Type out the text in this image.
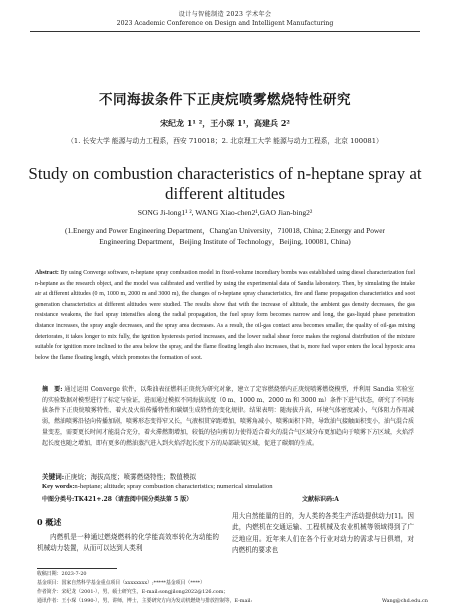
设计与智能制造 2023 学术年会
2023 Academic Conference on Design and Intelligent Manufacturing
不同海拔条件下正庚烷喷雾燃烧特性研究
宋纪龙 1¹ ²，王小琛 1¹，高建兵 2²
（1. 长安大学 能源与动力工程系，西安 710018；2. 北京理工大学 能源与动力工程系，北京 100081）
Study on combustion characteristics of n-heptane spray at
different altitudes
SONG Ji-long1¹ ², WANG Xiao-chen2¹,GAO Jian-bing2²
(1.Energy and Power Engineering Department，Chang'an University，710018, China; 2.Energy and Power Engineering Department，Beijing Institute of Technology，Beijing, 100081, China)
Abstract: By using Converge software, n-heptane spray combustion model in fixed-volume incendiary bombs was established using diesel characterization fuel n-heptane as the research object, and the model was calibrated and verified by using the experimental data of Sandia laboratory. Then, by simulating the intake air at different altitudes (0 m, 1000 m, 2000 m and 3000 m), the changes of n-heptane spray characteristics, fire and flame propagation characteristics and soot generation characteristics at different altitudes were studied. The results show that with the increase of altitude, the ambient gas density decreases, the gas resistance weakens, the fuel spray intensifies along the radial propagation, the fuel spray form becomes narrow and long, the gas-liquid phase penetration distance increases, the spray angle decreases, and the spray area decreases. As a result, the oil-gas contact area becomes smaller, the quality of oil-gas mixing deteriorates, it takes longer to mix fully, the ignition hysteresis period increases, and the lower radial shear force makes the regional distribution of the mixture suitable for ignition more inclined to the area below the spray, and the flame floating length also increases, that is, more fuel vapor enters the local hypoxic area below the flame floating length, which promotes the formation of soot.
摘　要: 通过运用 Converge 软件，以柴油表征燃料正庚烷为研究对象，建立了定容燃烧弹内正庚烷喷雾燃烧模型，并利用 Sandia 实验室的实验数据对模型进行了标定与验证，进而通过模拟不同海拔高度（0 m、1000 m、2000 m 和 3000 m）条件下进气状态，研究了不同海拔条件下正庚烷喷雾特性、着火及火焰传播特性和碳烟生成特性的变化规律。结果表明：随海拔升高，环境气体密度减小，气体阻力作用减弱，燃油喷雾沿径向传播加剧，喷雾形态变得窄又长，气液相贯穿距增加，喷雾角减小，喷雾面积下降，导致油气接触面积变小，油气混合质量变差，需要更长时间才能混合充分，着火滞燃期增加，较低的径向剪切力使得适合着火的混合气区域分布更加趋向于喷雾下方区域，火焰浮起长度也随之增加，即有更多的燃油蒸汽进入到火焰浮起长度下方的局部缺氧区域，促进了碳烟的生成。
关键词:正庚烷；海拔高度；喷雾燃烧特性；数值模拟
Key words:n-heptane; altitude; spray combustion characteristics; numerical simulation
中图分类号:TK421+.28（请查阅中国分类法第 5 版）	文献标识码:A
0 概述
内燃机是一种通过燃烧燃料的化学能高效率转化为动能的机械动力装置，从而可以达到人类利
用大自然能量的目的，为人类的各类生产活动提供动力[1]。因此，内燃机在交通运输、工程机械及农业机械等领域得到了广泛地应用。近年来人们在各个行业对动力的需求与日俱增，对内燃机的要求也
收稿日期：2023-7-20
基金项目：国家自然科学基金重点项目（xxxxxxxx）;*****基金项目（****）
作者简介：宋纪龙（2001-），男，硕士研究生，E-mail:songjilong2022@126.com；
通讯作者：王小琛（1990-），男，讲师，博士，主要研究方向为发动机燃烧与排放控制等，E-mail:	Wang@chd.edu.cn
